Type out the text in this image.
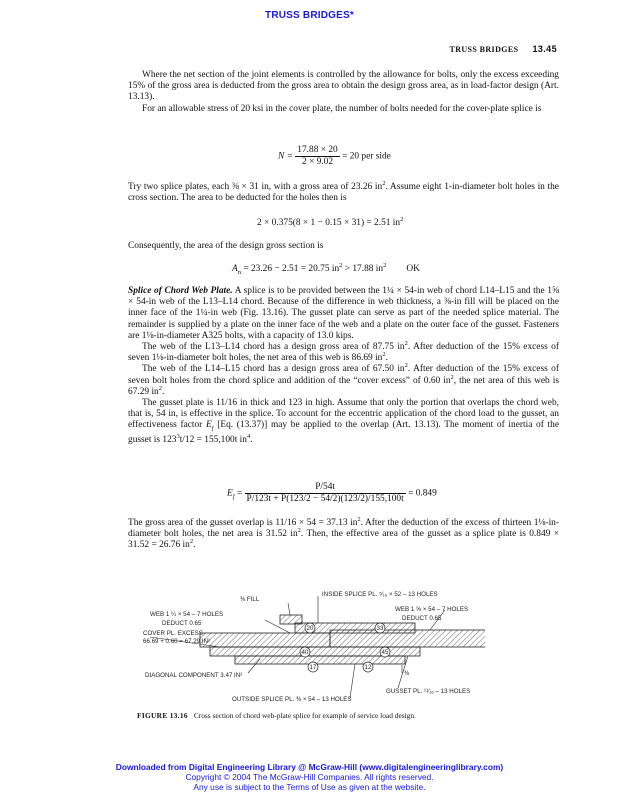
TRUSS BRIDGES*
TRUSS BRIDGES 13.45

Where the net section of the joint elements is controlled by the allowance for bolts, only the excess exceeding 15% of the gross area is deducted from the gross area to obtain the design gross area, as in load-factor design (Art. 13.13).

For an allowable stress of 20 ksi in the cover plate, the number of bolts needed for the cover-plate splice is

$N = \frac{17.88 \times 20}{2 \times 9.02} = 20$ per side

Try two splice plates, each ⅜ × 31 in, with a gross area of 23.26 $in^2$. Assume eight 1-in-diameter bolt holes in the cross section. The area to be deducted for the holes then is

2 × 0.375(8 × 1 − 0.15 × 31) = 2.51 $in^2$

Consequently, the area of the design gross section is

$A_n = 23.26 - 2.51 = 20.75$ $in^2 > 17.88$ $in^2$ OK

Splice of Chord Web Plate. A splice is to be provided between the 1¼ × 54-in web of chord L14–L15 and the 1⅝ × 54-in web of the L13–L14 chord. Because of the difference in web thickness, a ⅜-in fill will be placed on the inner face of the 1¼-in web (Fig. 13.16). The gusset plate can serve as part of the needed splice material. The remainder is supplied by a plate on the inner face of the web and a plate on the outer face of the gusset. Fasteners are 1⅛-in-diameter A325 bolts, with a capacity of 13.0 kips.

The web of the L13–L14 chord has a design gross area of 87.75 $in^2$. After deduction of the 15% excess of seven 1⅛-in-diameter bolt holes, the net area of this web is 86.69 $in^2$.

The web of the L14–L15 chord has a design gross area of 67.50 $in^2$. After deduction of the 15% excess of seven bolt holes from the chord splice and addition of the “cover excess” of 0.60 $in^2$, the net area of this web is 67.29 $in^2$.

The gusset plate is 11/16 in thick and 123 in high. Assume that only the portion that overlaps the chord web, that is, 54 in, is effective in the splice. To account for the eccentric application of the chord load to the gusset, an effectiveness factor $E_f$ [Eq. (13.37)] may be applied to the overlap (Art. 13.13). The moment of inertia of the gusset is $123^3t/12 = 155,100t$ $in^4$.

$E_f = \frac{P/54t}{P/123t + P(123/2 - 54/2)(123/2)/155,100t} = 0.849$

The gross area of the gusset overlap is 11/16 × 54 = 37.13 $in^2$. After the deduction of the excess of thirteen 1⅛-in-diameter bolt holes, the net area is 31.52 $in^2$. Then, the effective area of the gusset as a splice plate is 0.849 × 31.52 = 26.76 $in^2$.

20	33
40	45
17	12
⅜ FILL
INSIDE SPLICE PL. ⁵⁄₁₆ × 52 – 13 HOLES
WEB 1 ¼ × 54 – 7 HOLES
DEDUCT 0.65
WEB 1 ⅝ × 54 – 7 HOLES
DEDUCT 0.65
COVER PL. EXCESS
66.69 + 0.60 = 67.29 IN²
DIAGONAL COMPONENT 3.47 IN²
OUTSIDE SPLICE PL. ⅜ × 54 – 13 HOLES
GUSSET PL. ¹¹⁄₁₆ – 13 HOLES
⅜
FIGURE 13.16 Cross section of chord web-plate splice for example of service load design.
Downloaded from Digital Engineering Library @ McGraw-Hill (www.digitalengineeringlibrary.com)
Copyright © 2004 The McGraw-Hill Companies. All rights reserved.
Any use is subject to the Terms of Use as given at the website.
